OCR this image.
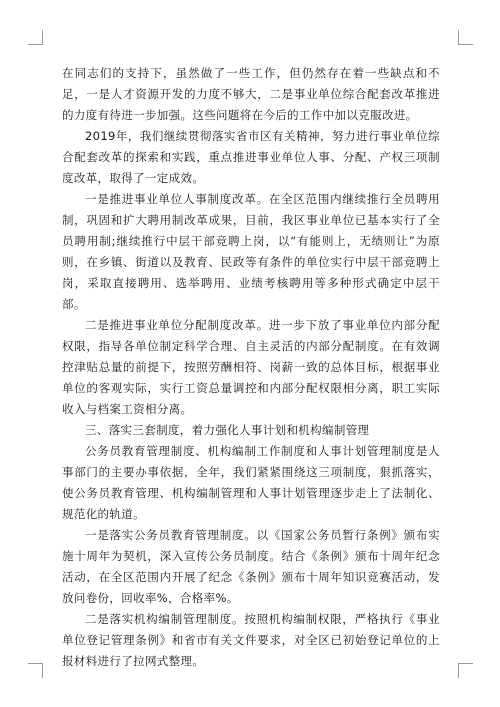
在同志们的支持下，虽然做了一些工作，但仍然存在着一些缺点和不足，一是人才资源开发的力度不够大，二是事业单位综合配套改革推进的力度有待进一步加强。这些问题将在今后的工作中加以克服改进。

2019年，我们继续贯彻落实省市区有关精神，努力进行事业单位综合配套改革的探索和实践，重点推进事业单位人事、分配、产权三项制度改革，取得了一定成效。

一是推进事业单位人事制度改革。在全区范围内继续推行全员聘用制，巩固和扩大聘用制改革成果，目前，我区事业单位已基本实行了全员聘用制;继续推行中层干部竞聘上岗，以“有能则上，无绩则让”为原则，在乡镇、街道以及教育、民政等有条件的单位实行中层干部竞聘上岗，采取直接聘用、选举聘用、业绩考核聘用等多种形式确定中层干部。

二是推进事业单位分配制度改革。进一步下放了事业单位内部分配权限，指导各单位制定科学合理、自主灵活的内部分配制度。在有效调控津贴总量的前提下，按照劳酬相符、岗薪一致的总体目标，根据事业单位的客观实际，实行工资总量调控和内部分配权限相分离，职工实际收入与档案工资相分离。

三、落实三套制度，着力强化人事计划和机构编制管理

公务员教育管理制度、机构编制工作制度和人事计划管理制度是人事部门的主要办事依据，全年，我们紧紧围绕这三项制度，狠抓落实，使公务员教育管理、机构编制管理和人事计划管理逐步走上了法制化、规范化的轨道。

一是落实公务员教育管理制度。以《国家公务员暂行条例》颁布实施十周年为契机，深入宣传公务员制度。结合《条例》颁布十周年纪念活动，在全区范围内开展了纪念《条例》颁布十周年知识竞赛活动，发放问卷份，回收率%，合格率%。

二是落实机构编制管理制度。按照机构编制权限，严格执行《事业单位登记管理条例》和省市有关文件要求，对全区已初始登记单位的上报材料进行了拉网式整理。
